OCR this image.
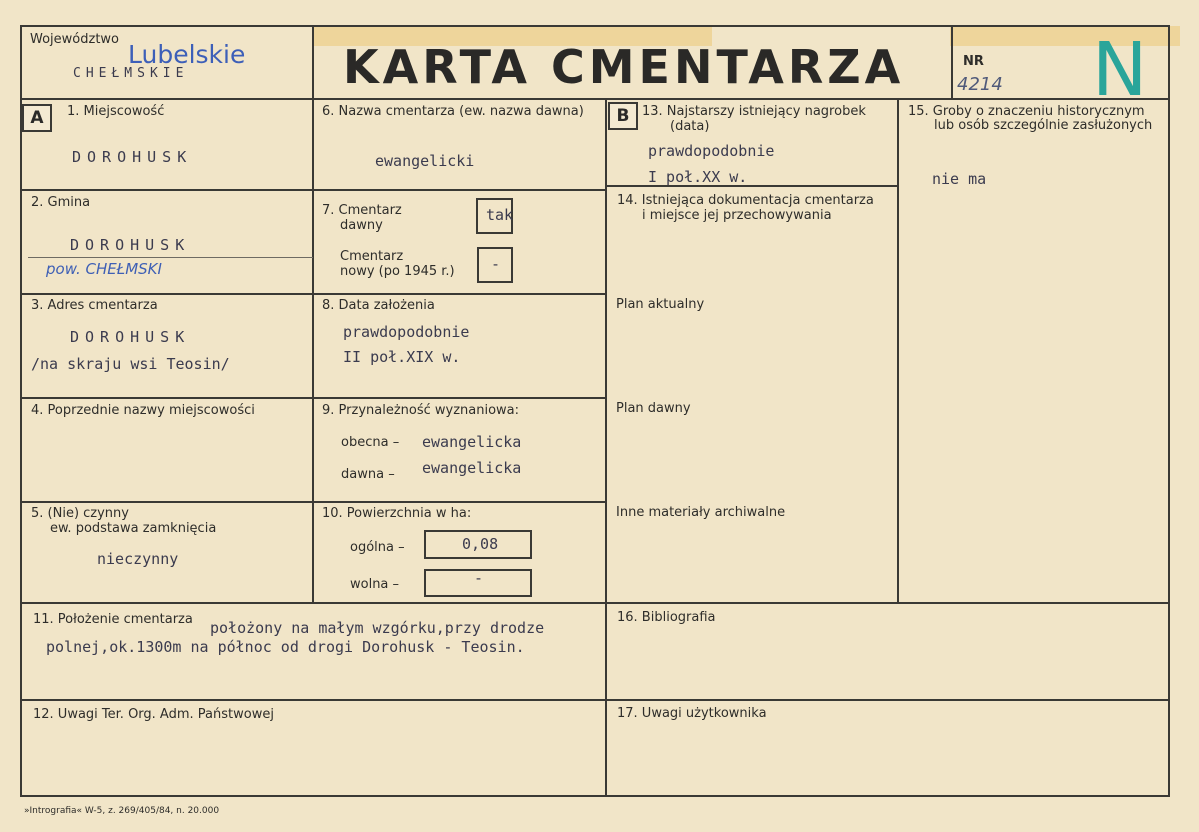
Województwo
Lubelskie
CHEŁMSKIE	KARTA CMENTARZA	NR
4214 N
A	B
1. Miejscowość
DOROHUSK
2. Gmina
DOROHUSK
pow. CHEŁMSKI
3. Adres cmentarza
DOROHUSK
/na skraju wsi Teosin/
4. Poprzednie nazwy miejscowości
5. (Nie) czynny
ew. podstawa zamknięcia
nieczynny
6. Nazwa cmentarza (ew. nazwa dawna)
ewangelicki
7. Cmentarz
dawny
tak
Cmentarz
nowy (po 1945 r.) -
8. Data założenia
prawdopodobnie
II poł.XIX w.
9. Przynależność wyznaniowa:
obecna – ewangelicka
dawna – ewangelicka
10. Powierzchnia w ha:
ogólna –	0,08
wolna –	-
11. Położenie cmentarza położony na małym wzgórku,przy drodze
polnej,ok.1300m na północ od drogi Dorohusk - Teosin.
12. Uwagi Ter. Org. Adm. Państwowej
13. Najstarszy istniejący nagrobek
(data)
prawdopodobnie
I poł.XX w.
14. Istniejąca dokumentacja cmentarza
i miejsce jej przechowywania
Plan aktualny
Plan dawny
Inne materiały archiwalne
15. Groby o znaczeniu historycznym
lub osób szczególnie zasłużonych
nie ma
16. Bibliografia
17. Uwagi użytkownika
»Intrografia« W-5, z. 269/405/84, n. 20.000
